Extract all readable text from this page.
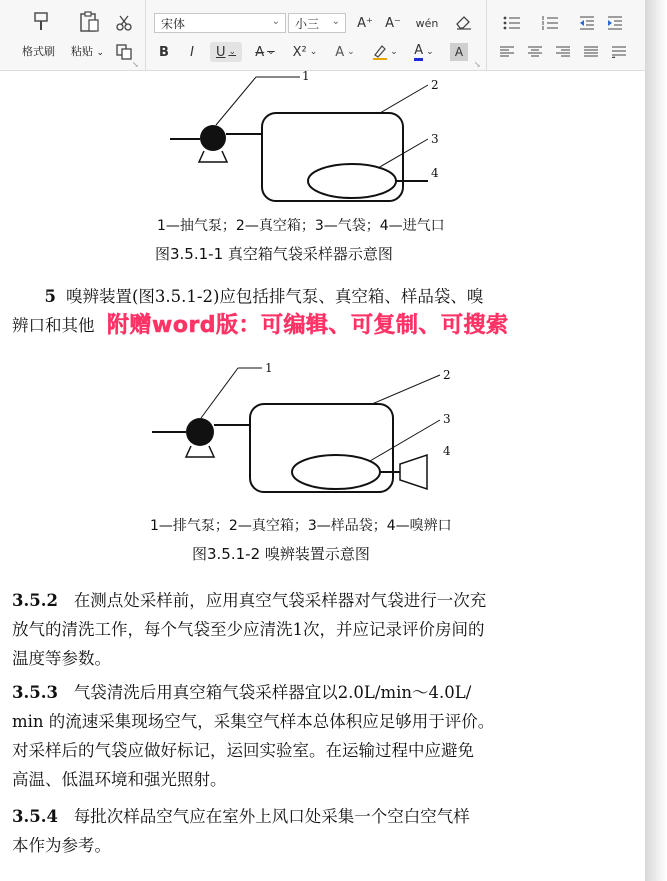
格式刷 粘贴 ⌄
↘
宋体	⌄ 小三 ⌄ A⁺ A⁻	wén
B	I	U ⌄ A ⌄ X² ⌄ A ⌄	⌄ A ⌄	A
↘
1
2
3
4
1—抽气泵；2—真空箱；3—气袋；4—进气口
图3.5.1-1 真空箱气袋采样器示意图
5 嗅辨装置(图3.5.1-2)应包括排气泵、真空箱、样品袋、嗅
辨口和其他
1	2
3
4
1—排气泵；2—真空箱；3—样品袋；4—嗅辨口
图3.5.1-2 嗅辨装置示意图
3.5.2 在测点处采样前，应用真空气袋采样器对气袋进行一次充
放气的清洗工作，每个气袋至少应清洗1次，并应记录评价房间的
温度等参数。
3.5.3 气袋清洗后用真空箱气袋采样器宜以2.0L/min～4.0L/
min 的流速采集现场空气，采集空气样本总体积应足够用于评价。
对采样后的气袋应做好标记，运回实验室。在运输过程中应避免
高温、低温环境和强光照射。
3.5.4 每批次样品空气应在室外上风口处采集一个空白空气样
本作为参考。
附赠word版：可编辑、可复制、可搜索
